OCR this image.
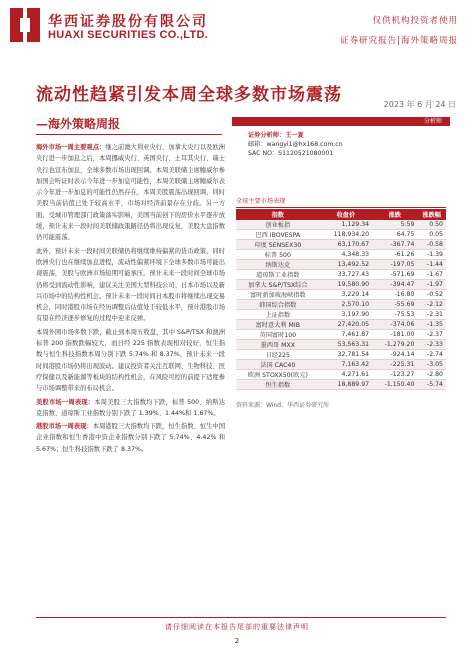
华西证券股份有限公司
HUAXI SECURITIES CO.,LTD.
仅供机构投资者使用
证券研究报告|海外策略周报
2023 年 6 月 24 日
流动性趋紧引发本周全球多数市场震荡
—海外策略周报	分析师
证券分析师：王一夏
邮箱：wangyi1@hx168.com.cn
SAC NO：S1120521080001

海外市场一周主要观点：继之前澳大利亚央行、加拿大央行以及欧洲央行进一步加息之后，本周挪威央行、英国央行、土耳其央行、瑞士央行也宣布加息，全球多数市场出现回调。本周美联储主席鲍威尔参加国会听证时表示今年进一步加息可能性，本周美联储主席鲍威尔表示今年进一步加息的可能性仍然存在，本周美股震荡出现回调，同时美股当前估值已处于较高水平，市场对经济前景存在分歧。另一方面，受城市管理部门政策落实影响，美国当前创下的房价水平逐步放缓，预计未来一段时间美联储政策路径仍将出现反复，美股大盘指数仍可能震荡。

此外，预计未来一段时间美联储仍将继续维持偏紧的货币政策，同时欧洲央行也在继续加息进程，流动性偏紧环境下全球多数市场可能出现震荡，美股与欧洲市场短期可能承压。预计未来一段时间全球市场仍将受到流动性影响，建议关注美国大型科技公司、日本市场以及新兴市场中的结构性机会。预计未来一段时间日本股市将继续出现交易机会，同时港股市场在经历调整后估值处于较低水平，预计港股市场有望在经济逐步修复的过程中迎来反弹。

本周外围市场多数下跌，截止到本周五收盘，其中 S&P/TSX 和澳洲标普 200 指数跌幅较大，而日经 225 指数表现相对较好，恒生指数与恒生科技指数本周分别下跌 5.74% 和 8.37%，预计未来一段时间港股市场仍将出现波动。建议投资者关注互联网、生物科技、医疗保健以及新能源等板块的结构性机会，在风险可控的前提下适度参与市场调整带来的布局机会。

美股市场一周表现：本周美股三大指数均下跌，标普 500、纳斯达克指数、道琼斯工业指数分别下跌了 1.39%、1.44%和 1.67%。

港股市场一周表现：本周港股三大指数均下跌，恒生指数、恒生中国企业指数和恒生香港中资企业指数分别下跌了 5.74%、4.42% 和 5.67%；恒生科技指数下跌了 8.37%。

全球主要市场表现
指数	收盘价	涨跌	涨跌幅
创业板指	1,129.34	5.59	0.50
巴西 IBOVESPA	118,934.20	64.75	0.05
印度 SENSEX30	63,170.67	-367.74	-0.58
标普 500	4,348.33	-61.26	-1.39
纳斯达克	13,492.52	-197.05	-1.44
道琼斯工业指数	33,727.43	-571.69	-1.67
加拿大 S&P/TSX综合	19,580.90	-394.47	-1.97
富时新加坡海峡指数	3,229.14	-16.80	-0.52
韩国综合指数	2,570.10	-55.69	-2.12
上证指数	3,197.90	-75.53	-2.31
富时意大利 MIB	27,420.05	-374.06	-1.35
英国富时100	7,461.87	-181.00	-2.37
墨西哥 MXX	53,563.31	-1,279.20	-2.33
日经225	32,781.54	-924.14	-2.74
法国 CAC40	7,163.42	-225.31	-3.05
欧洲 STOXX50(欧元)	4,271.61	-123.27	-2.80
恒生指数	18,889.97	-1,150.40	-5.74
资料来源：Wind，华西证券研究所
请仔细阅读在本报告尾部的重要法律声明
2
